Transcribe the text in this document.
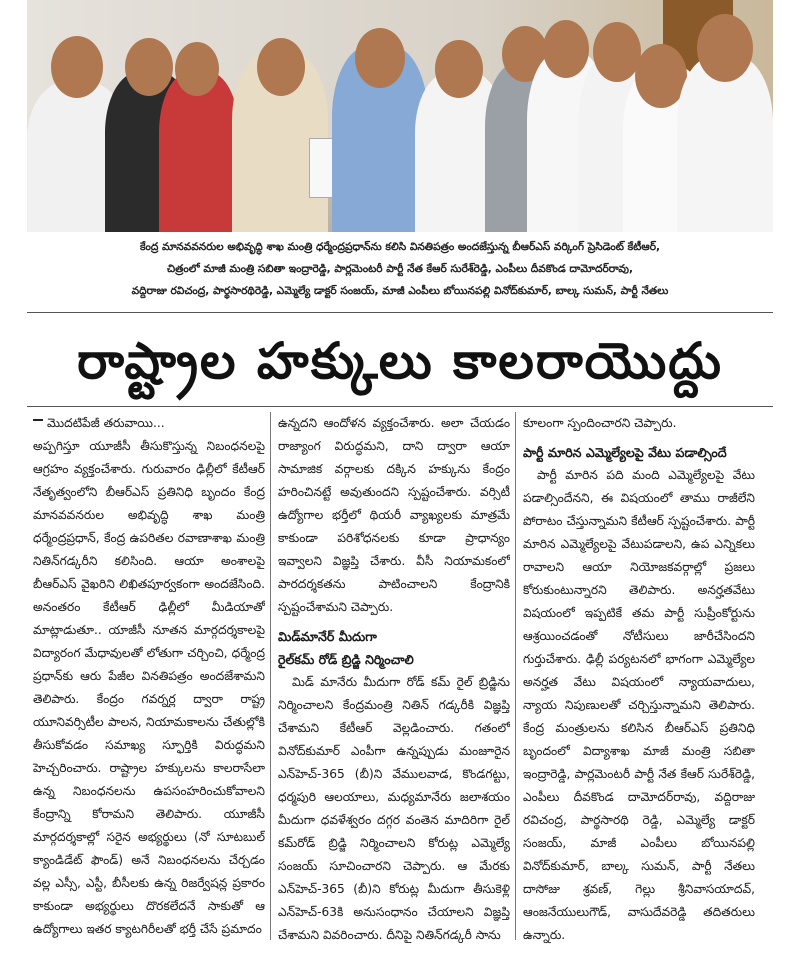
కేంద్ర మానవవనరుల అభివృద్ధి శాఖ మంత్రి ధర్మేంద్రప్రధాన్‌ను కలిసి వినతిపత్రం అందజేస్తున్న బీఆర్‌ఎస్ వర్కింగ్ ప్రెసిడెంట్ కేటీఆర్,
చిత్రంలో మాజీ మంత్రి సబితా ఇంద్రారెడ్డి, పార్లమెంటరీ పార్టీ నేత కేఆర్ సురేశ్‌రెడ్డి, ఎంపీలు దీవకొండ దామోదర్‌రావు,
వద్దిరాజు రవిచంద్ర, పార్థసారథిరెడ్డి, ఎమ్మెల్యే డాక్టర్ సంజయ్, మాజీ ఎంపీలు బోయినపల్లి వినోద్‌కుమార్, బాల్క సుమన్, పార్టీ నేతలు
రాష్ట్రాల హక్కులు కాలరాయొద్దు

మొదటిపేజీ తరువాయి...

అప్పగిస్తూ యూజీసీ తీసుకొస్తున్న నిబంధనలపై ఆగ్రహం వ్యక్తంచేశారు. గురువారం ఢిల్లీలో కేటీఆర్ నేతృత్వంలోని బీఆర్‌ఎస్ ప్రతినిధి బృందం కేంద్ర మానవవనరుల అభివృద్ధి శాఖ మంత్రి ధర్మేంద్రప్రధాన్, కేంద్ర ఉపరితల రవాణాశాఖ మంత్రి నితిన్‌గడ్కరీని కలిసింది. ఆయా అంశాలపై బీఆర్‌ఎస్ వైఖరిని లిఖితపూర్వకంగా అందజేసింది. అనంతరం కేటీఆర్ ఢిల్లీలో మీడియాతో మాట్లాడుతూ.. యాజీసీ నూతన మార్గదర్శకాలపై విద్యారంగ మేధావులతో లోతుగా చర్చించి, ధర్మేంద్ర ప్రధాన్‌కు ఆరు పేజీల వినతిపత్రం అందజేశామని తెలిపారు. కేంద్రం గవర్నర్ల ద్వారా రాష్ట్ర యూనివర్సిటీల పాలన, నియామకాలను చేతుల్లోకి తీసుకోవడం సమాఖ్య స్ఫూర్తికి విరుద్ధమని హెచ్చరించారు. రాష్ట్రాల హక్కులను కాలరాసేలా ఉన్న నిబంధనలను ఉపసంహరించుకోవాలని కేంద్రాన్ని కోరామని తెలిపారు. యూజీసీ మార్గదర్శకాల్లో సరైన అభ్యర్థులు (నో సూటబుల్ క్యాండిడేట్ ఫౌండ్) అనే నిబంధనలను చేర్చడం వల్ల ఎస్సీ, ఎస్టీ, బీసీలకు ఉన్న రిజర్వేషన్ల ప్రకారం కాకుండా అభ్యర్థులు దొరకలేదనే సాకుతో ఆ ఉద్యోగాలు ఇతర క్యాటగిరీలతో భర్తీ చేసే ప్రమాదం

ఉన్నదని ఆందోళన వ్యక్తంచేశారు. అలా చేయడం రాజ్యాంగ విరుద్ధమని, దాని ద్వారా ఆయా సామాజిక వర్గాలకు దక్కిన హక్కును కేంద్రం హరించినట్టే అవుతుందని స్పష్టంచేశారు. వర్సిటీ ఉద్యోగాల భర్తీలో థియరీ వ్యాఖ్యలకు మాత్రమే కాకుండా పరిశోధనలకు కూడా ప్రాధాన్యం ఇవ్వాలని విజ్ఞప్తి చేశారు. వీసీ నియామకంలో పారదర్శకతను పాటించాలని కేంద్రానికి స్పష్టంచేశామని చెప్పారు.

మిడ్‌మానేర్ మీదుగా

రైల్‌కమ్ రోడ్ బ్రిడ్జి నిర్మించాలి

మిడ్ మానేరు మీదుగా రోడ్ కమ్ రైల్ బ్రిడ్జిను నిర్మించాలని కేంద్రమంత్రి నితిన్ గడ్కరీకి విజ్ఞప్తి చేశామని కేటీఆర్ వెల్లడించారు. గతంలో వినోద్‌కుమార్ ఎంపీగా ఉన్నప్పుడు మంజూరైన ఎన్‌హెచ్-365 (బీ)ని వేములవాడ, కొండగట్టు, ధర్మపురి ఆలయాలు, మధ్యమానేరు జలాశయం మీదుగా ధవళేశ్వరం దగ్గర వంతెన మాదిరిగా రైల్ కమ్‌రోడ్ బ్రిడ్జి నిర్మించాలని కోరుట్ల ఎమ్మెల్యే సంజయ్ సూచించారని చెప్పారు. ఆ మేరకు ఎన్‌హెచ్-365 (బీ)ని కోరుట్ల మీదుగా తీసుకెళ్లి ఎన్‌హెచ్-63కి అనుసంధానం చేయాలని విజ్ఞప్తి చేశామని వివరించారు. దీనిపై నితిన్‌గడ్కరీ సాను

కూలంగా స్పందించారని చెప్పారు.

పార్టీ మారిన ఎమ్మెల్యేలపై వేటు పడాల్సిందే

పార్టీ మారిన పది మంది ఎమ్మెల్యేలపై వేటు పడాల్సిందేనని, ఈ విషయంలో తాము రాజీలేని పోరాటం చేస్తున్నామని కేటీఆర్ స్పష్టంచేశారు. పార్టీ మారిన ఎమ్మెల్యేలపై వేటుపడాలని, ఉప ఎన్నికలు రావాలని ఆయా నియోజకవర్గాల్లో ప్రజలు కోరుకుంటున్నారని తెలిపారు. అనర్హతవేటు విషయంలో ఇప్పటికే తమ పార్టీ సుప్రీంకోర్టును ఆశ్రయించడంతో నోటీసులు జారీచేసిందని గుర్తుచేశారు. ఢిల్లీ పర్యటనలో భాగంగా ఎమ్మెల్యేల అనర్హత వేటు విషయంలో న్యాయవాదులు, న్యాయ నిపుణులతో చర్చిస్తున్నామని తెలిపారు. కేంద్ర మంత్రులను కలిసిన బీఆర్‌ఎస్ ప్రతినిధి బృందంలో విద్యాశాఖ మాజీ మంత్రి సబితా ఇంద్రారెడ్డి, పార్లమెంటరీ పార్టీ నేత కేఆర్ సురేశ్‌రెడ్డి, ఎంపీలు దీవకొండ దామోదర్‌రావు, వద్దిరాజు రవిచంద్ర, పార్థసారథి రెడ్డి, ఎమ్మెల్యే డాక్టర్ సంజయ్, మాజీ ఎంపీలు బోయినపల్లి వినోద్‌కుమార్, బాల్క సుమన్, పార్టీ నేతలు దాసోజు శ్రవణ్, గెల్లు శ్రీనివాసయాదవ్, ఆంజనేయులుగౌడ్, వాసుదేవరెడ్డి తదితరులు ఉన్నారు.
